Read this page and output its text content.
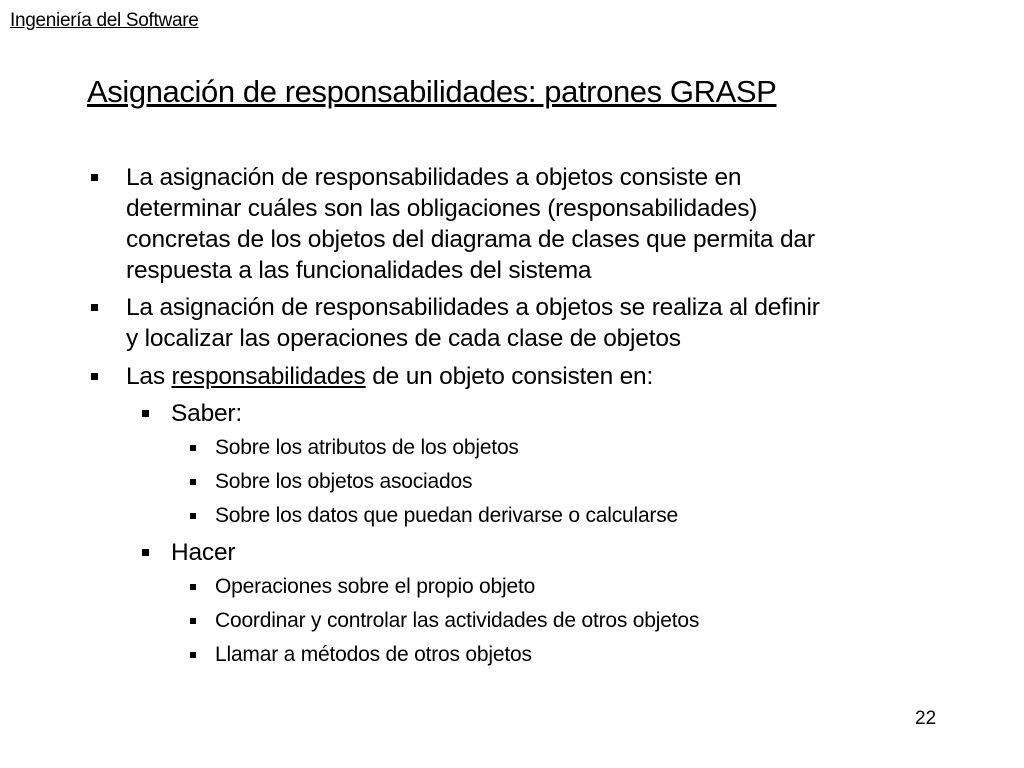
Ingeniería del Software
Asignación de responsabilidades: patrones GRASP
La asignación de responsabilidades a objetos consiste en
determinar cuáles son las obligaciones (responsabilidades)
concretas de los objetos del diagrama de clases que permita dar
respuesta a las funcionalidades del sistema
La asignación de responsabilidades a objetos se realiza al definir
y localizar las operaciones de cada clase de objetos
Las responsabilidades de un objeto consisten en:
Saber:
Sobre los atributos de los objetos
Sobre los objetos asociados
Sobre los datos que puedan derivarse o calcularse
Hacer
Operaciones sobre el propio objeto
Coordinar y controlar las actividades de otros objetos
Llamar a métodos de otros objetos
22
